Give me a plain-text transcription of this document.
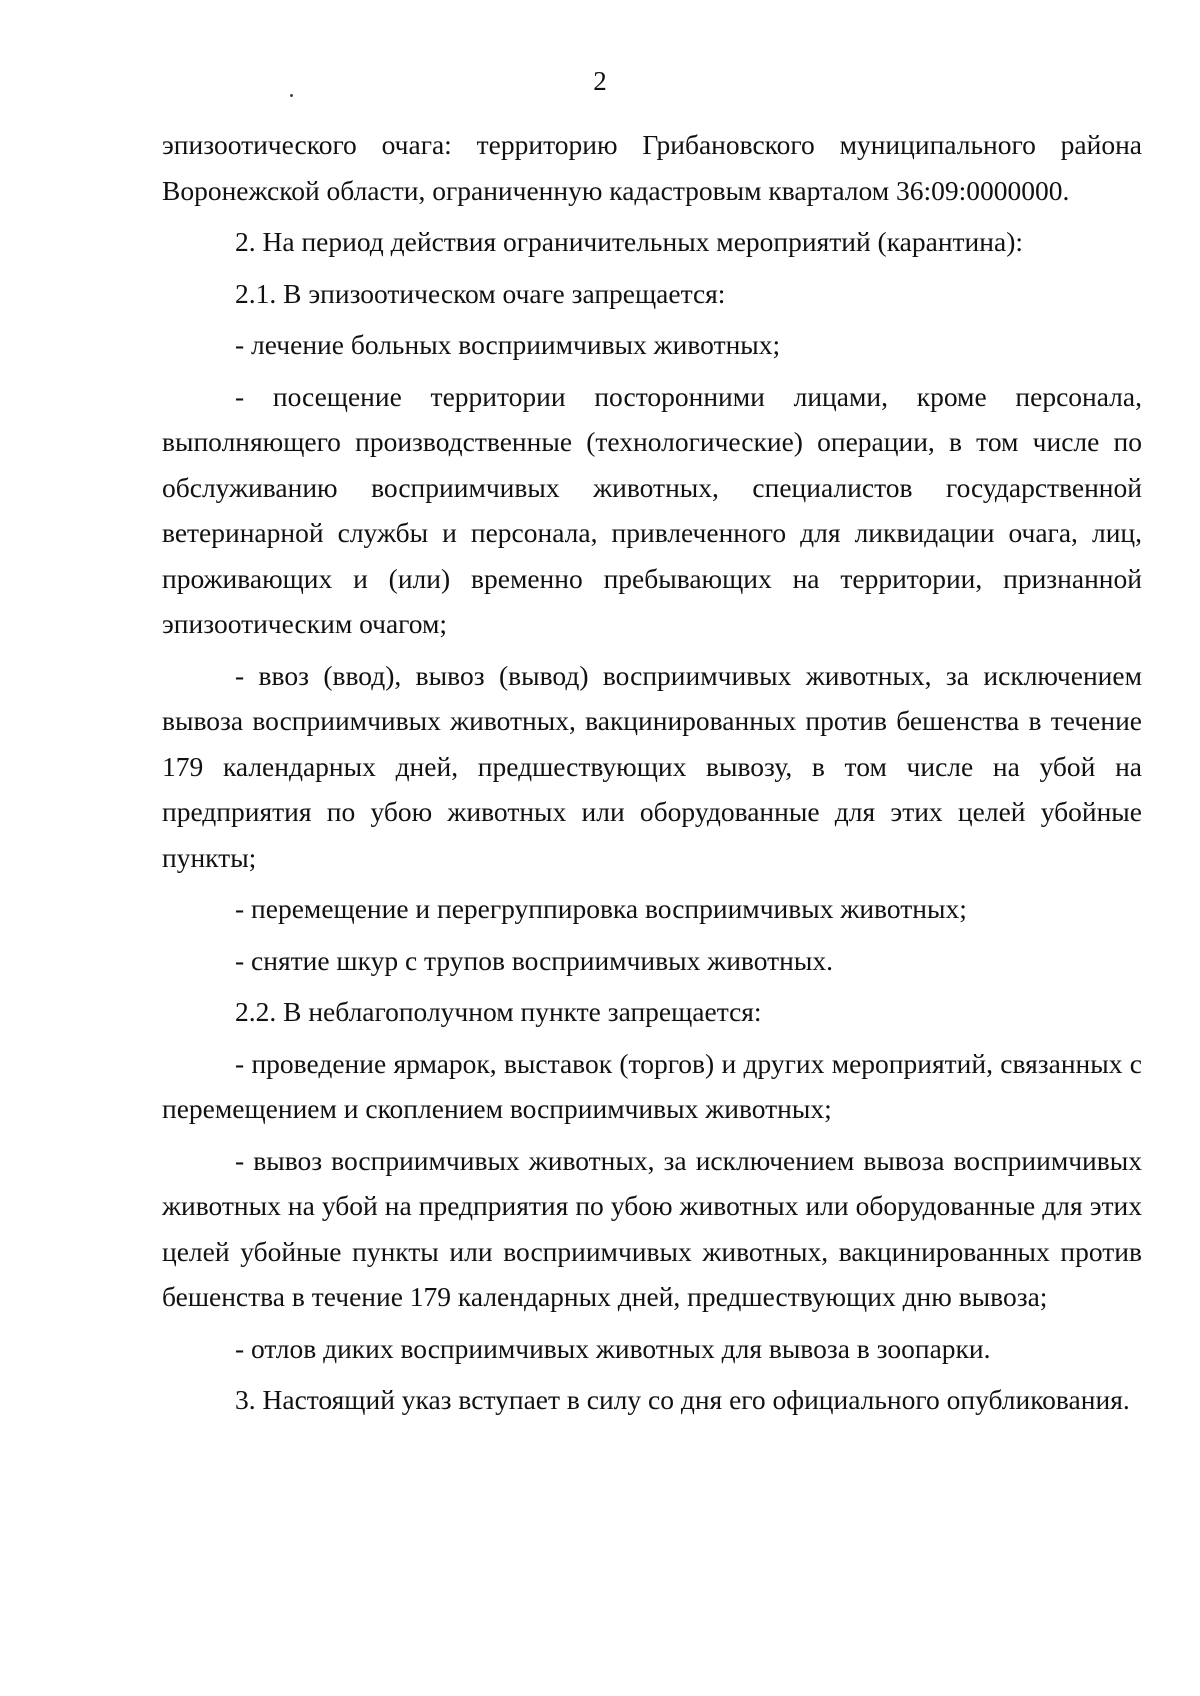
2

эпизоотического очага: территорию Грибановского муниципального района Воронежской области, ограниченную кадастровым кварталом 36:09:0000000.

2. На период действия ограничительных мероприятий (карантина):

2.1. В эпизоотическом очаге запрещается:

- лечение больных восприимчивых животных;

- посещение территории посторонними лицами, кроме персонала, выполняющего производственные (технологические) операции, в том числе по обслуживанию восприимчивых животных, специалистов государственной ветеринарной службы и персонала, привлеченного для ликвидации очага, лиц, проживающих и (или) временно пребывающих на территории, признанной эпизоотическим очагом;

- ввоз (ввод), вывоз (вывод) восприимчивых животных, за исключением вывоза восприимчивых животных, вакцинированных против бешенства в течение 179 календарных дней, предшествующих вывозу, в том числе на убой на предприятия по убою животных или оборудованные для этих целей убойные пункты;

- перемещение и перегруппировка восприимчивых животных;

- снятие шкур с трупов восприимчивых животных.

2.2. В неблагополучном пункте запрещается:

- проведение ярмарок, выставок (торгов) и других мероприятий, связанных с перемещением и скоплением восприимчивых животных;

- вывоз восприимчивых животных, за исключением вывоза восприимчивых животных на убой на предприятия по убою животных или оборудованные для этих целей убойные пункты или восприимчивых животных, вакцинированных против бешенства в течение 179 календарных дней, предшествующих дню вывоза;

- отлов диких восприимчивых животных для вывоза в зоопарки.

3. Настоящий указ вступает в силу со дня его официального опубликования.
